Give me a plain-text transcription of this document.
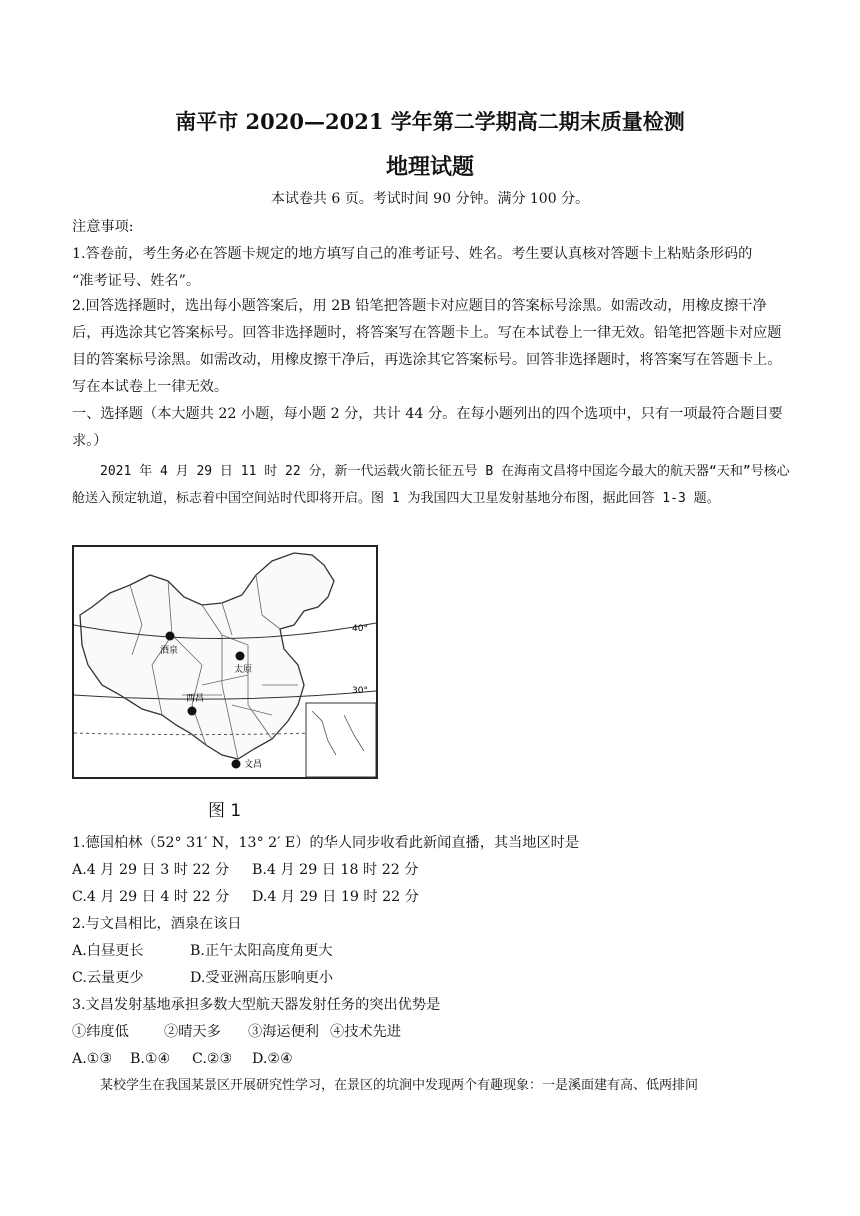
南平市 2020—2021 学年第二学期高二期末质量检测
地理试题
本试卷共 6 页。考试时间 90 分钟。满分 100 分。
注意事项:
1.答卷前，考生务必在答题卡规定的地方填写自己的准考证号、姓名。考生要认真核对答题卡上粘贴条形码的
“准考证号、姓名”。

2.回答选择题时，选出每小题答案后，用 2B 铅笔把答题卡对应题目的答案标号涂黑。如需改动，用橡皮擦干净后，再选涂其它答案标号。回答非选择题时，将答案写在答题卡上。写在本试卷上一律无效。铅笔把答题卡对应题目的答案标号涂黑。如需改动，用橡皮擦干净后，再选涂其它答案标号。回答非选择题时，将答案写在答题卡上。写在本试卷上一律无效。

一、选择题（本大题共 22 小题，每小题 2 分，共计 44 分。在每小题列出的四个选项中，只有一项最符合题目要求。）

2021 年 4 月 29 日 11 时 22 分，新一代运载火箭长征五号 B 在海南文昌将中国迄今最大的航天器“天和”号核心舱送入预定轨道，标志着中国空间站时代即将开启。图 1 为我国四大卫星发射基地分布图，据此回答 1-3 题。

40°
30°
酒泉
太原
西昌
文昌
图 1
1.德国柏林（52° 31′ N，13° 2′ E）的华人同步收看此新闻直播，其当地区时是
A.4 月 29 日 3 时 22 分 B.4 月 29 日 18 时 22 分
C.4 月 29 日 4 时 22 分 D.4 月 29 日 19 时 22 分
2.与文昌相比，酒泉在该日
A.白昼更长	B.正午太阳高度角更大
C.云量更少	D.受亚洲高压影响更小
3.文昌发射基地承担多数大型航天器发射任务的突出优势是
①纬度低 ②晴天多 ③海运便利 ④技术先进
A.①③ B.①④ C.②③ D.②④
某校学生在我国某景区开展研究性学习，在景区的坑涧中发现两个有趣现象：一是溪面建有高、低两排间
